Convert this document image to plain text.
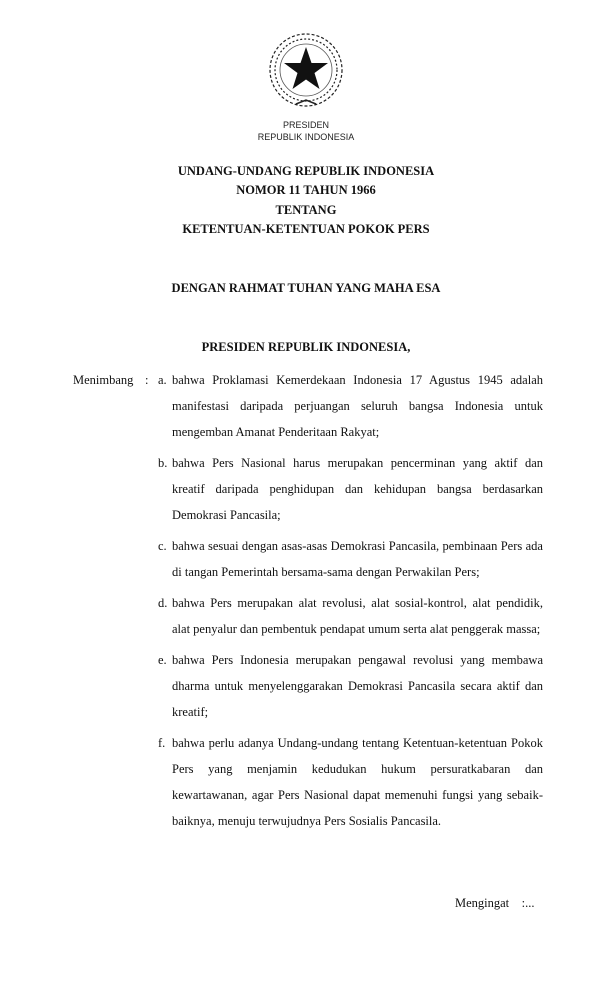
PRESIDEN
REPUBLIK INDONESIA
UNDANG-UNDANG REPUBLIK INDONESIA
NOMOR 11 TAHUN 1966
TENTANG
KETENTUAN-KETENTUAN POKOK PERS
DENGAN RAHMAT TUHAN YANG MAHA ESA
PRESIDEN REPUBLIK INDONESIA,
Menimbang : a. bahwa Proklamasi Kemerdekaan Indonesia 17 Agustus 1945 adalah manifestasi daripada perjuangan seluruh bangsa Indonesia untuk mengemban Amanat Penderitaan Rakyat;
b. bahwa Pers Nasional harus merupakan pencerminan yang aktif dan kreatif daripada penghidupan dan kehidupan bangsa berdasarkan Demokrasi Pancasila;
c. bahwa sesuai dengan asas-asas Demokrasi Pancasila, pembinaan Pers ada di tangan Pemerintah bersama-sama dengan Perwakilan Pers;
d. bahwa Pers merupakan alat revolusi, alat sosial-kontrol, alat pendidik, alat penyalur dan pembentuk pendapat umum serta alat penggerak massa;
e. bahwa Pers Indonesia merupakan pengawal revolusi yang membawa dharma untuk menyelenggarakan Demokrasi Pancasila secara aktif dan kreatif;
f. bahwa perlu adanya Undang-undang tentang Ketentuan-ketentuan Pokok Pers yang menjamin kedudukan hukum persuratkabaran dan kewartawanan, agar Pers Nasional dapat memenuhi fungsi yang sebaik-baiknya, menuju terwujudnya Pers Sosialis Pancasila.
Mengingat    :...
